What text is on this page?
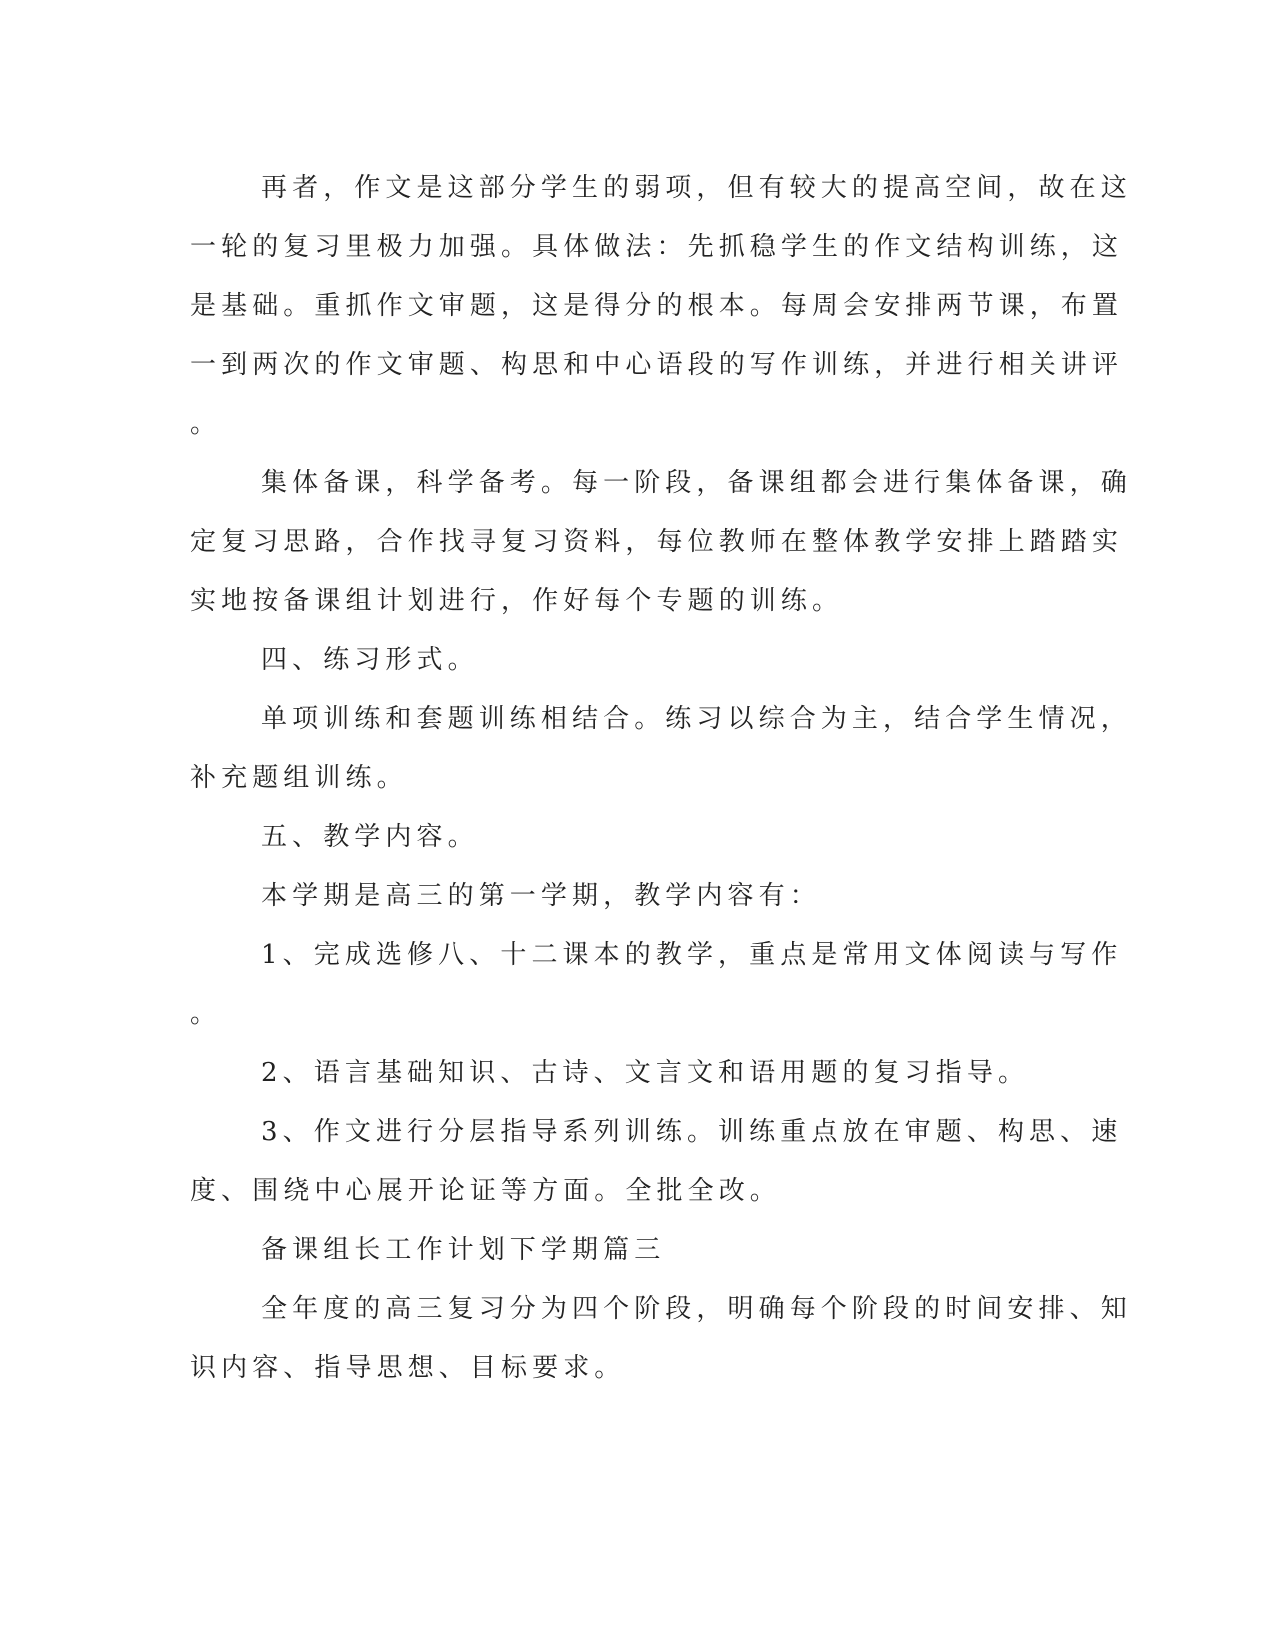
再者，作文是这部分学生的弱项，但有较大的提高空间，故在这
一轮的复习里极力加强。具体做法：先抓稳学生的作文结构训练，这
是基础。重抓作文审题，这是得分的根本。每周会安排两节课，布置
一到两次的作文审题、构思和中心语段的写作训练，并进行相关讲评
。
集体备课，科学备考。每一阶段，备课组都会进行集体备课，确
定复习思路，合作找寻复习资料，每位教师在整体教学安排上踏踏实
实地按备课组计划进行，作好每个专题的训练。
四、练习形式。
单项训练和套题训练相结合。练习以综合为主，结合学生情况，
补充题组训练。
五、教学内容。
本学期是高三的第一学期，教学内容有：
1、完成选修八、十二课本的教学，重点是常用文体阅读与写作
。
2、语言基础知识、古诗、文言文和语用题的复习指导。
3、作文进行分层指导系列训练。训练重点放在审题、构思、速
度、围绕中心展开论证等方面。全批全改。
备课组长工作计划下学期篇三
全年度的高三复习分为四个阶段，明确每个阶段的时间安排、知
识内容、指导思想、目标要求。
